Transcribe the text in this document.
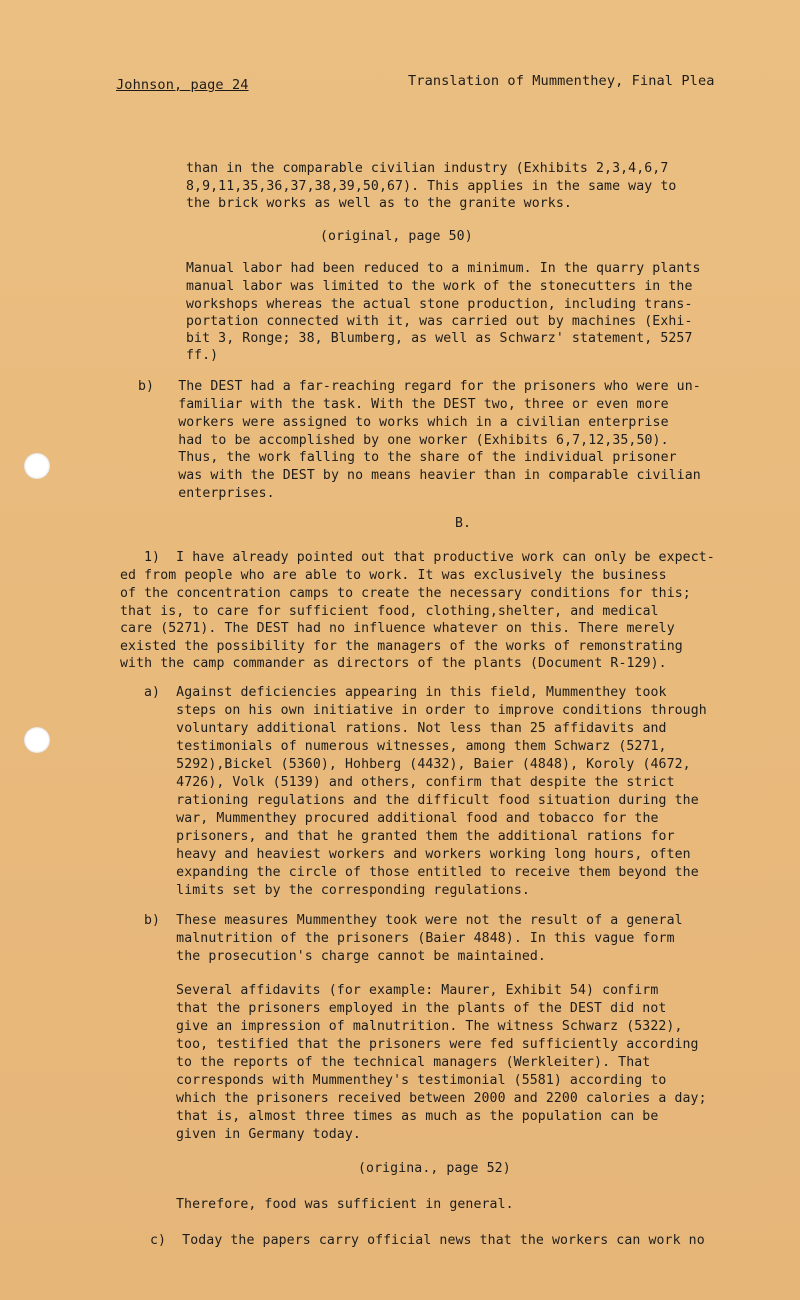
Johnson, page 24	Translation of Mummenthey, Final Plea
than in the comparable civilian industry (Exhibits 2,3,4,6,7
8,9,11,35,36,37,38,39,50,67). This applies in the same way to
the brick works as well as to the granite works.
(original, page 50)
Manual labor had been reduced to a minimum. In the quarry plants
manual labor was limited to the work of the stonecutters in the
workshops whereas the actual stone production, including trans-
portation connected with it, was carried out by machines (Exhi-
bit 3, Ronge; 38, Blumberg, as well as Schwarz' statement, 5257
ff.)
b)   The DEST had a far-reaching regard for the prisoners who were un-
familiar with the task. With the DEST two, three or even more
workers were assigned to works which in a civilian enterprise
had to be accomplished by one worker (Exhibits 6,7,12,35,50).
Thus, the work falling to the share of the individual prisoner
was with the DEST by no means heavier than in comparable civilian
enterprises.
B.
1)  I have already pointed out that productive work can only be expect-
ed from people who are able to work. It was exclusively the business
of the concentration camps to create the necessary conditions for this;
that is, to care for sufficient food, clothing,shelter, and medical
care (5271). The DEST had no influence whatever on this. There merely
existed the possibility for the managers of the works of remonstrating
with the camp commander as directors of the plants (Document R-129).
a)  Against deficiencies appearing in this field, Mummenthey took
steps on his own initiative in order to improve conditions through
voluntary additional rations. Not less than 25 affidavits and
testimonials of numerous witnesses, among them Schwarz (5271,
5292),Bickel (5360), Hohberg (4432), Baier (4848), Koroly (4672,
4726), Volk (5139) and others, confirm that despite the strict
rationing regulations and the difficult food situation during the
war, Mummenthey procured additional food and tobacco for the
prisoners, and that he granted them the additional rations for
heavy and heaviest workers and workers working long hours, often
expanding the circle of those entitled to receive them beyond the
limits set by the corresponding regulations.
b)  These measures Mummenthey took were not the result of a general
malnutrition of the prisoners (Baier 4848). In this vague form
the prosecution's charge cannot be maintained.
Several affidavits (for example: Maurer, Exhibit 54) confirm
that the prisoners employed in the plants of the DEST did not
give an impression of malnutrition. The witness Schwarz (5322),
too, testified that the prisoners were fed sufficiently according
to the reports of the technical managers (Werkleiter). That
corresponds with Mummenthey's testimonial (5581) according to
which the prisoners received between 2000 and 2200 calories a day;
that is, almost three times as much as the population can be
given in Germany today.
(origina., page 52)
Therefore, food was sufficient in general.
c)  Today the papers carry official news that the workers can work no
